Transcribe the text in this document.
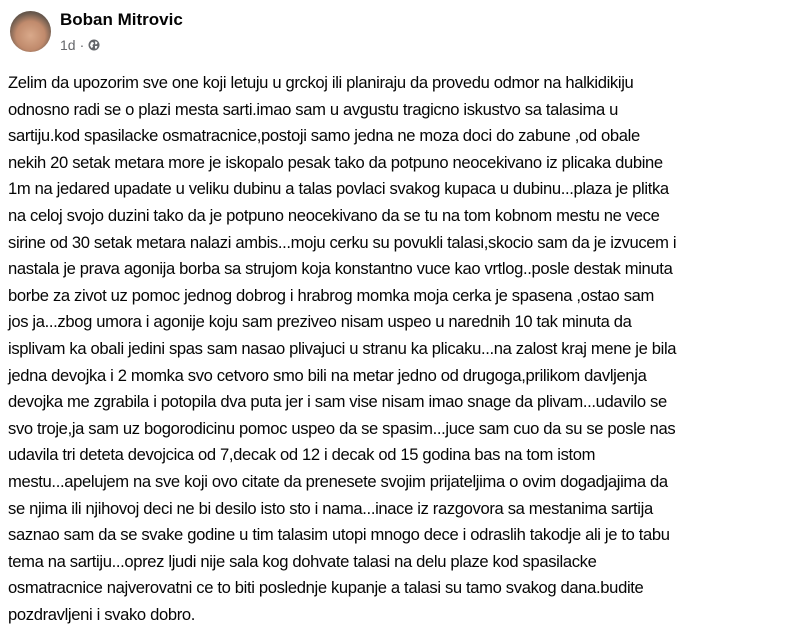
Boban Mitrovic
1d ·
Zelim da upozorim sve one koji letuju u grckoj ili planiraju da provedu odmor na halkidikiju
odnosno radi se o plazi mesta sarti.imao sam u avgustu tragicno iskustvo sa talasima u
sartiju.kod spasilacke osmatracnice,postoji samo jedna ne moza doci do zabune ,od obale
nekih 20 setak metara more je iskopalo pesak tako da potpuno neocekivano iz plicaka dubine
1m na jedared upadate u veliku dubinu a talas povlaci svakog kupaca u dubinu...plaza je plitka
na celoj svojo duzini tako da je potpuno neocekivano da se tu na tom kobnom mestu ne vece
sirine od 30 setak metara nalazi ambis...moju cerku su povukli talasi,skocio sam da je izvucem i
nastala je prava agonija borba sa strujom koja konstantno vuce kao vrtlog..posle destak minuta
borbe za zivot uz pomoc jednog dobrog i hrabrog momka moja cerka je spasena ,ostao sam
jos ja...zbog umora i agonije koju sam preziveo nisam uspeo u narednih 10 tak minuta da
isplivam ka obali jedini spas sam nasao plivajuci u stranu ka plicaku...na zalost kraj mene je bila
jedna devojka i 2 momka svo cetvoro smo bili na metar jedno od drugoga,prilikom davljenja
devojka me zgrabila i potopila dva puta jer i sam vise nisam imao snage da plivam...udavilo se
svo troje,ja sam uz bogorodicinu pomoc uspeo da se spasim...juce sam cuo da su se posle nas
udavila tri deteta devojcica od 7,decak od 12 i decak od 15 godina bas na tom istom
mestu...apelujem na sve koji ovo citate da prenesete svojim prijateljima o ovim dogadjajima da
se njima ili njihovoj deci ne bi desilo isto sto i nama...inace iz razgovora sa mestanima sartija
saznao sam da se svake godine u tim talasim utopi mnogo dece i odraslih takodje ali je to tabu
tema na sartiju...oprez ljudi nije sala kog dohvate talasi na delu plaze kod spasilacke
osmatracnice najverovatni ce to biti poslednje kupanje a talasi su tamo svakog dana.budite
pozdravljeni i svako dobro.
